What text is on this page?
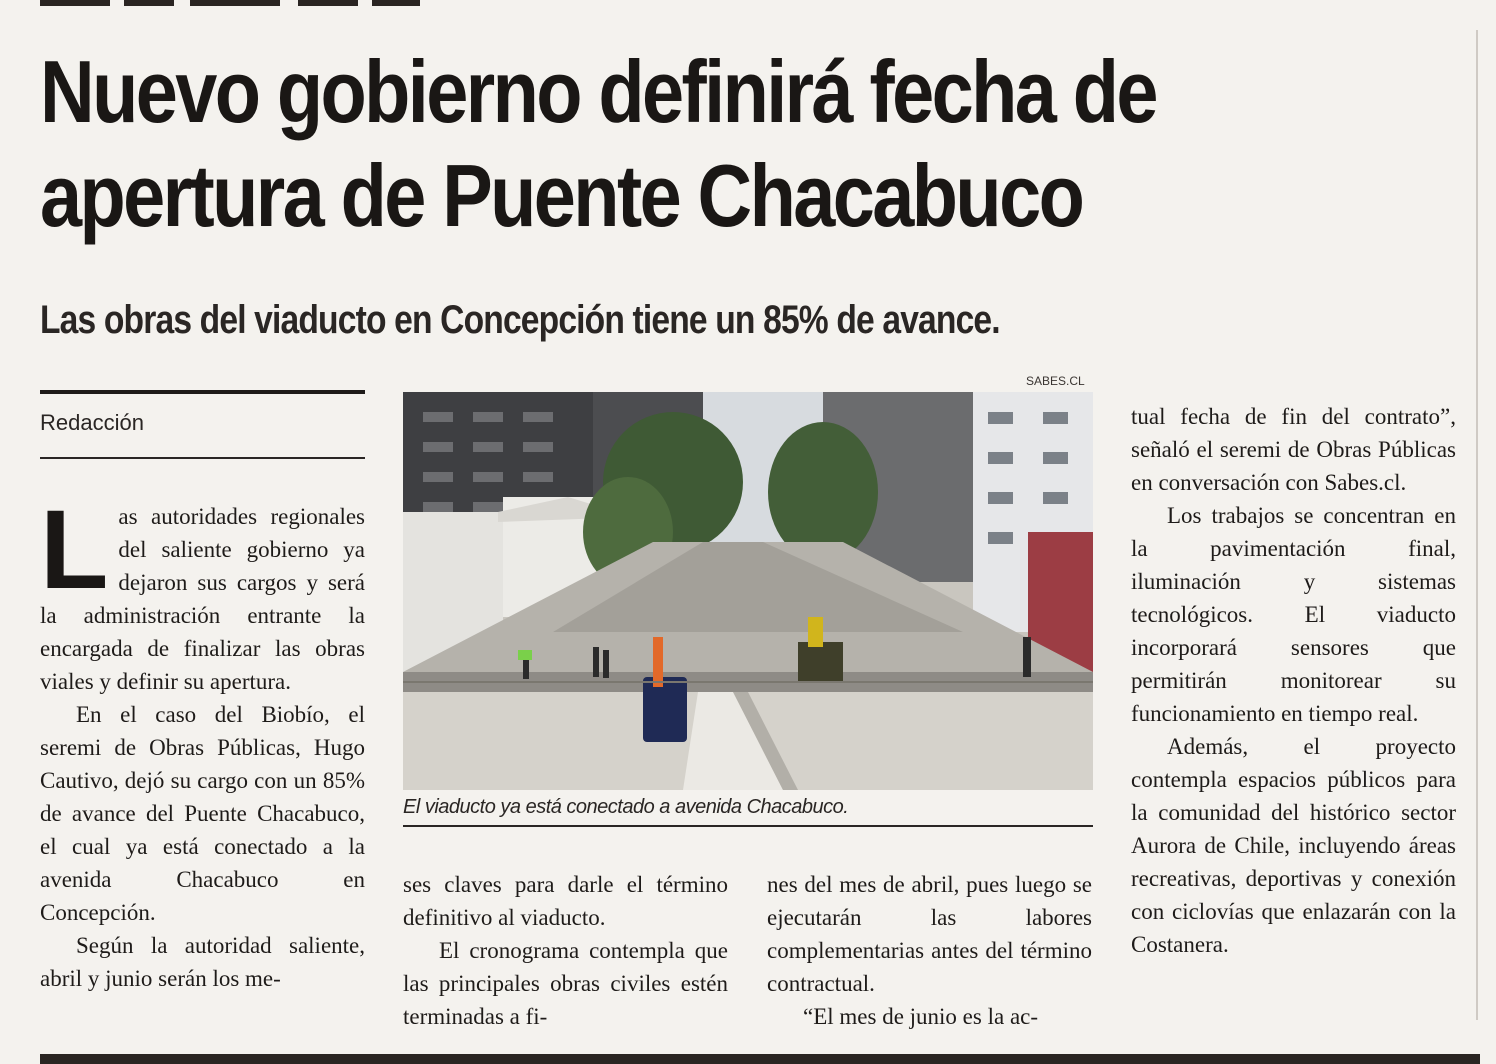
Nuevo gobierno definirá fecha de apertura de Puente Chacabuco
Las obras del viaducto en Concepción tiene un 85% de avance.
Redacción

Las autoridades regionales del saliente gobierno ya dejaron sus cargos y será la administración entrante la encargada de finalizar las obras viales y definir su apertura.

En el caso del Biobío, el seremi de Obras Públicas, Hugo Cautivo, dejó su cargo con un 85% de avance del Puente Chacabuco, el cual ya está conectado a la avenida Chacabuco en Concepción.

Según la autoridad saliente, abril y junio serán los me-

SABES.CL
El viaducto ya está conectado a avenida Chacabuco.

ses claves para darle el término definitivo al viaducto.

El cronograma contempla que las principales obras civiles estén terminadas a fi-

nes del mes de abril, pues luego se ejecutarán las labores complementarias antes del término contractual.

“El mes de junio es la ac-

tual fecha de fin del contrato”, señaló el seremi de Obras Públicas en conversación con Sabes.cl.

Los trabajos se concentran en la pavimentación final, iluminación y sistemas tecnológicos. El viaducto incorporará sensores que permitirán monitorear su funcionamiento en tiempo real.

Además, el proyecto contempla espacios públicos para la comunidad del histórico sector Aurora de Chile, incluyendo áreas recreativas, deportivas y conexión con ciclovías que enlazarán con la Costanera.
